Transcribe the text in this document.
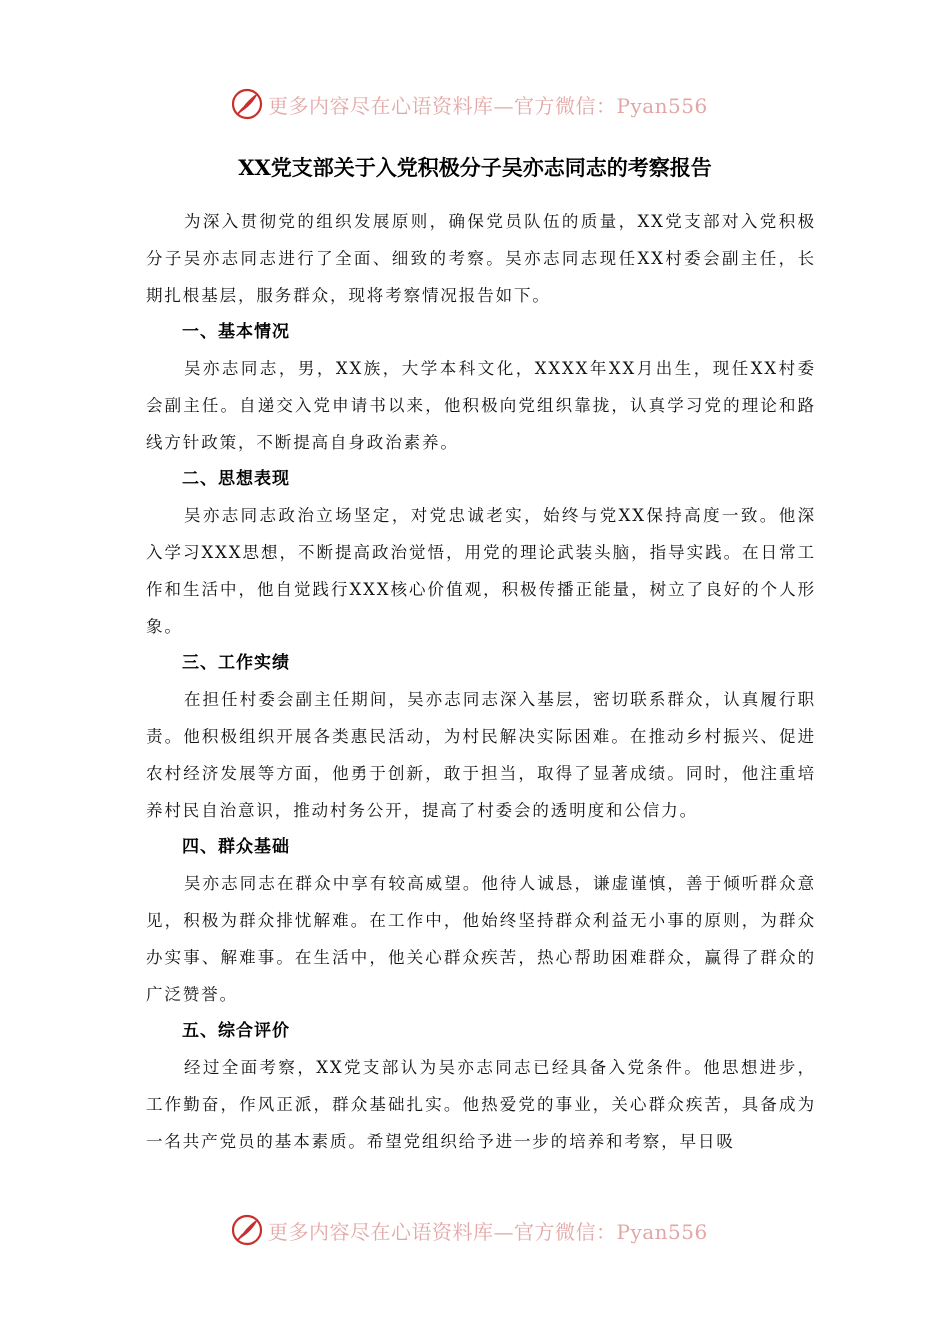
更多内容尽在心语资料库—官方微信：Pyan556
XX党支部关于入党积极分子吴亦志同志的考察报告

为深入贯彻党的组织发展原则，确保党员队伍的质量，XX党支部对入党积极分子吴亦志同志进行了全面、细致的考察。吴亦志同志现任XX村委会副主任，长期扎根基层，服务群众，现将考察情况报告如下。

一、基本情况

吴亦志同志，男，XX族，大学本科文化，XXXX年XX月出生，现任XX村委会副主任。自递交入党申请书以来，他积极向党组织靠拢，认真学习党的理论和路线方针政策，不断提高自身政治素养。

二、思想表现

吴亦志同志政治立场坚定，对党忠诚老实，始终与党XX保持高度一致。他深入学习XXX思想，不断提高政治觉悟，用党的理论武装头脑，指导实践。在日常工作和生活中，他自觉践行XXX核心价值观，积极传播正能量，树立了良好的个人形象。

三、工作实绩

在担任村委会副主任期间，吴亦志同志深入基层，密切联系群众，认真履行职责。他积极组织开展各类惠民活动，为村民解决实际困难。在推动乡村振兴、促进农村经济发展等方面，他勇于创新，敢于担当，取得了显著成绩。同时，他注重培养村民自治意识，推动村务公开，提高了村委会的透明度和公信力。

四、群众基础

吴亦志同志在群众中享有较高威望。他待人诚恳，谦虚谨慎，善于倾听群众意见，积极为群众排忧解难。在工作中，他始终坚持群众利益无小事的原则，为群众办实事、解难事。在生活中，他关心群众疾苦，热心帮助困难群众，赢得了群众的广泛赞誉。

五、综合评价

经过全面考察，XX党支部认为吴亦志同志已经具备入党条件。他思想进步，工作勤奋，作风正派，群众基础扎实。他热爱党的事业，关心群众疾苦，具备成为一名共产党员的基本素质。希望党组织给予进一步的培养和考察，早日吸

更多内容尽在心语资料库—官方微信：Pyan556
